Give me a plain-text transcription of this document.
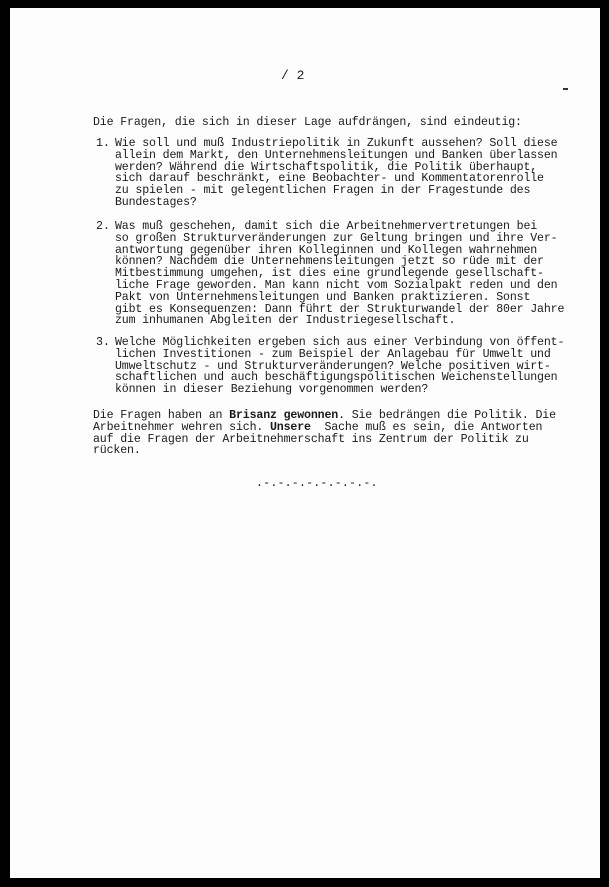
/ 2
Die Fragen, die sich in dieser Lage aufdrängen, sind eindeutig:
1. Wie soll und muß Industriepolitik in Zukunft aussehen? Soll diese
allein dem Markt, den Unternehmensleitungen und Banken überlassen
werden? Während die Wirtschaftspolitik, die Politik überhaupt,
sich darauf beschränkt, eine Beobachter- und Kommentatorenrolle
zu spielen - mit gelegentlichen Fragen in der Fragestunde des
Bundestages?
2. Was muß geschehen, damit sich die Arbeitnehmervertretungen bei
so großen Strukturveränderungen zur Geltung bringen und ihre Ver-
antwortung gegenüber ihren Kolleginnen und Kollegen wahrnehmen
können? Nachdem die Unternehmensleitungen jetzt so rüde mit der
Mitbestimmung umgehen, ist dies eine grundlegende gesellschaft-
liche Frage geworden. Man kann nicht vom Sozialpakt reden und den
Pakt von Unternehmensleitungen und Banken praktizieren. Sonst
gibt es Konsequenzen: Dann führt der Strukturwandel der 80er Jahre
zum inhumanen Abgleiten der Industriegesellschaft.
3. Welche Möglichkeiten ergeben sich aus einer Verbindung von öffent-
lichen Investitionen - zum Beispiel der Anlagebau für Umwelt und
Umweltschutz - und Strukturveränderungen? Welche positiven wirt-
schaftlichen und auch beschäftigungspolitischen Weichenstellungen
können in dieser Beziehung vorgenommen werden?
Die Fragen haben an Brisanz gewonnen. Sie bedrängen die Politik. Die
Arbeitnehmer wehren sich. Unsere  Sache muß es sein, die Antworten
auf die Fragen der Arbeitnehmerschaft ins Zentrum der Politik zu
rücken.
.-.-.-.-.-.-.-.-.
